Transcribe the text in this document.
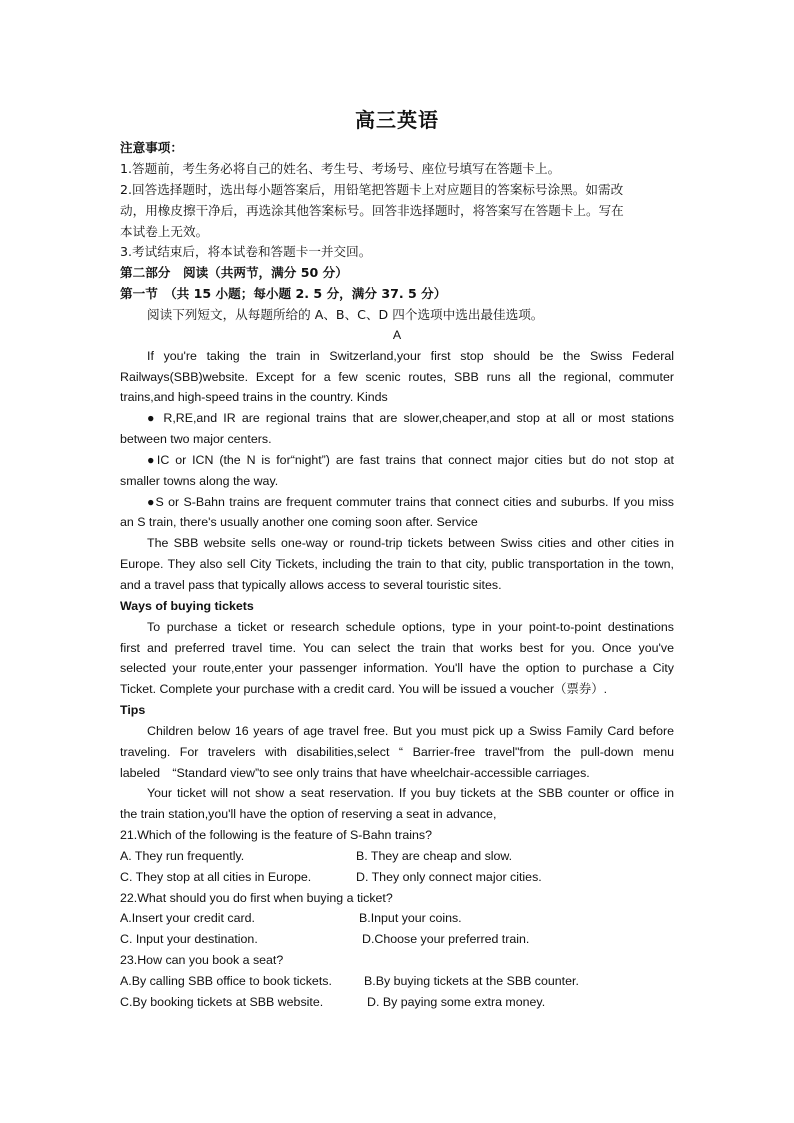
高三英语
注意事项：
1.答题前，考生务必将自己的姓名、考生号、考场号、座位号填写在答题卡上。
2.回答选择题时，选出每小题答案后，用铅笔把答题卡上对应题目的答案标号涂黑。如需改
动，用橡皮擦干净后，再选涂其他答案标号。回答非选择题时，将答案写在答题卡上。写在
本试卷上无效。
3.考试结束后，将本试卷和答题卡一并交回。
第二部分　阅读（共两节，满分 50 分）
第一节　（共 15 小题；每小题 2. 5 分，满分 37. 5 分）
阅读下列短文，从每题所给的 A、B、C、D 四个选项中选出最佳选项。
A
If you're taking the train in Switzerland,your first stop should be the Swiss Federal
Railways(SBB)website. Except for a few scenic routes, SBB runs all the regional, commuter
trains,and high-speed trains in the country. Kinds
● R,RE,and IR are regional trains that are slower,cheaper,and stop at all or most stations
between two major centers.
●IC or ICN (the N is for“night”) are fast trains that connect major cities but do not stop at
smaller towns along the way.
●S or S-Bahn trains are frequent commuter trains that connect cities and suburbs. If you miss
an S train, there's usually another one coming soon after. Service
The SBB website sells one-way or round-trip tickets between Swiss cities and other cities in
Europe. They also sell City Tickets, including the train to that city, public transportation in the town,
and a travel pass that typically allows access to several touristic sites.
Ways of buying tickets
To purchase a ticket or research schedule options, type in your point-to-point destinations
first and preferred travel time. You can select the train that works best for you. Once you've
selected your route,enter your passenger information. You'll have the option to purchase a City
Ticket. Complete your purchase with a credit card. You will be issued a voucher（票券）.
Tips
Children below 16 years of age travel free. But you must pick up a Swiss Family Card before
traveling. For travelers with disabilities,select “ Barrier-free travel"from the pull-down menu
labeled　“Standard view”to see only trains that have wheelchair-accessible carriages.
Your ticket will not show a seat reservation. If you buy tickets at the SBB counter or office in
the train station,you'll have the option of reserving a seat in advance,
21.Which of the following is the feature of S-Bahn trains?
A. They run frequently.	B. They are cheap and slow.
C. They stop at all cities in Europe.	D. They only connect major cities.
22.What should you do first when buying a ticket?
A.Insert your credit card.	B.Input your coins.
C. Input your destination.	D.Choose your preferred train.
23.How can you book a seat?
A.By calling SBB office to book tickets.	B.By buying tickets at the SBB counter.
C.By booking tickets at SBB website.	D. By paying some extra money.
